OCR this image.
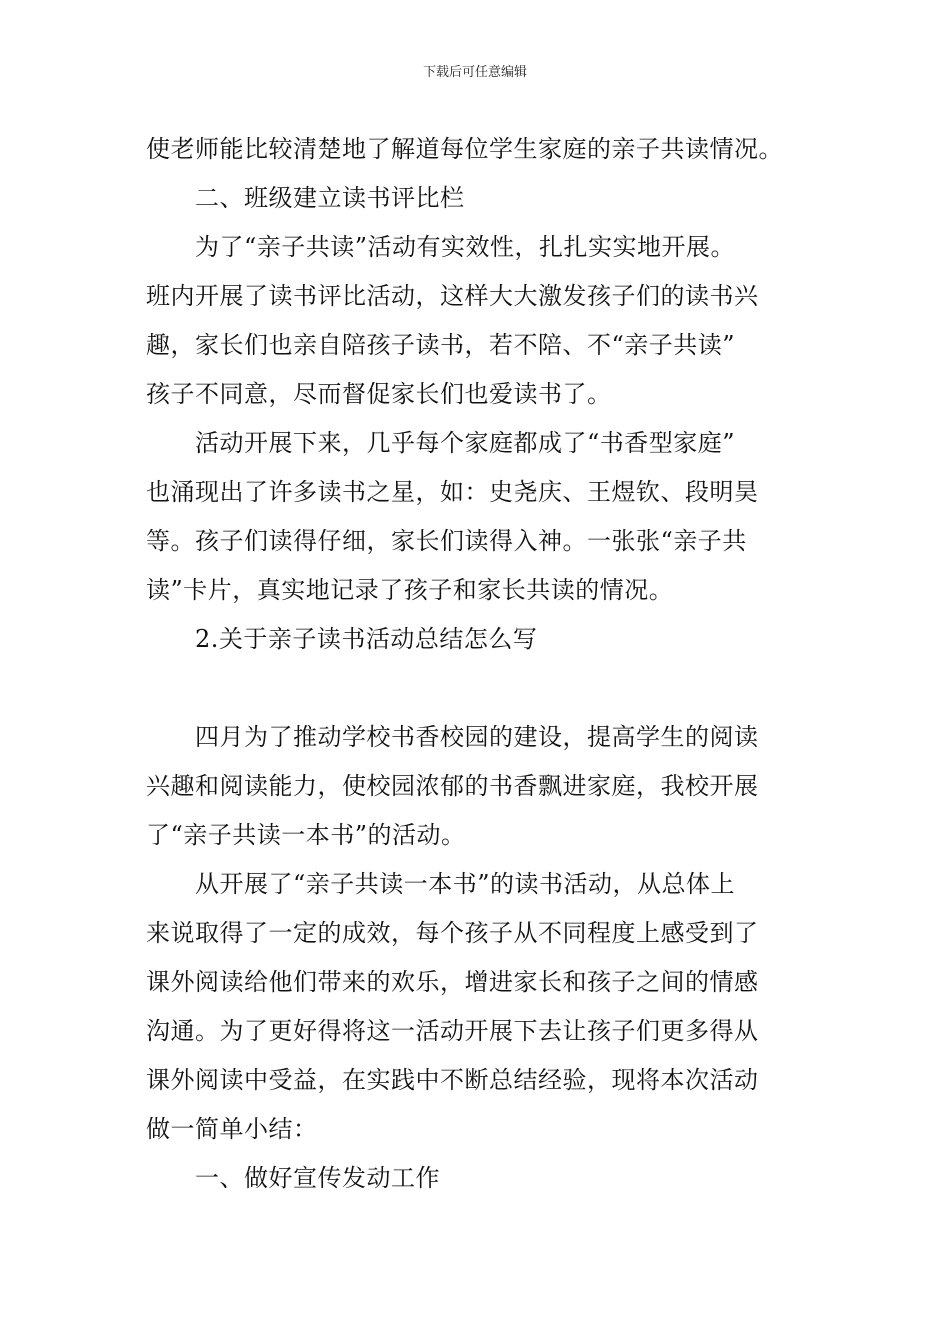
下载后可任意编辑
使老师能比较清楚地了解道每位学生家庭的亲子共读情况。
二、班级建立读书评比栏
为了“亲子共读”活动有实效性，扎扎实实地开展。
班内开展了读书评比活动，这样大大激发孩子们的读书兴
趣，家长们也亲自陪孩子读书，若不陪、不“亲子共读”
孩子不同意，尽而督促家长们也爱读书了。
活动开展下来，几乎每个家庭都成了“书香型家庭”
也涌现出了许多读书之星，如：史尧庆、王煜钦、段明昊
等。孩子们读得仔细，家长们读得入神。一张张“亲子共
读”卡片，真实地记录了孩子和家长共读的情况。
2.关于亲子读书活动总结怎么写
四月为了推动学校书香校园的建设，提高学生的阅读
兴趣和阅读能力，使校园浓郁的书香飘进家庭，我校开展
了“亲子共读一本书”的活动。
从开展了“亲子共读一本书”的读书活动，从总体上
来说取得了一定的成效，每个孩子从不同程度上感受到了
课外阅读给他们带来的欢乐，增进家长和孩子之间的情感
沟通。为了更好得将这一活动开展下去让孩子们更多得从
课外阅读中受益，在实践中不断总结经验，现将本次活动
做一简单小结：
一、做好宣传发动工作
